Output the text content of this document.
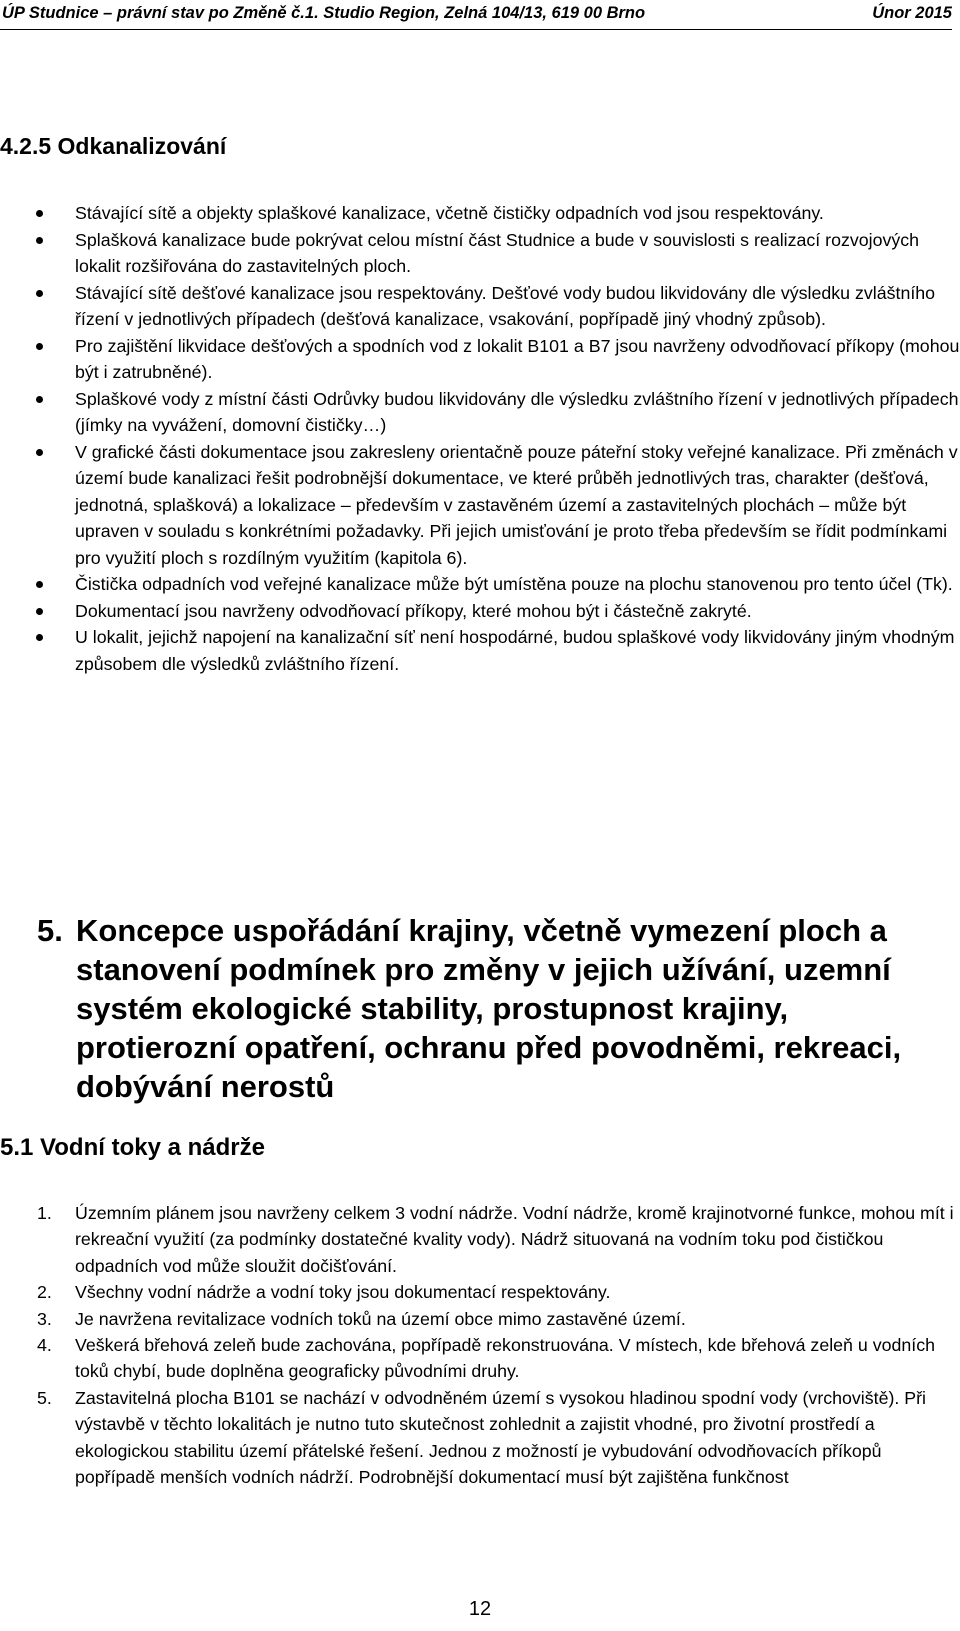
ÚP Studnice – právní stav po Změně č.1. Studio Region, Zelná 104/13, 619 00 Brno	Únor 2015
4.2.5 Odkanalizování
Stávající sítě a objekty splaškové kanalizace, včetně čističky odpadních vod jsou respektovány.
Splašková kanalizace bude pokrývat celou místní část Studnice a bude v souvislosti s realizací rozvojových lokalit rozšiřována do zastavitelných ploch.
Stávající sítě dešťové kanalizace jsou respektovány. Dešťové vody budou likvidovány dle výsledku zvláštního řízení v jednotlivých případech (dešťová kanalizace, vsakování, popřípadě jiný vhodný způsob).
Pro zajištění likvidace dešťových a spodních vod z lokalit B101 a B7 jsou navrženy odvodňovací příkopy (mohou být i zatrubněné).
Splaškové vody z místní části Odrůvky budou likvidovány dle výsledku zvláštního řízení v jednotlivých případech (jímky na vyvážení, domovní čističky…)
V grafické části dokumentace jsou zakresleny orientačně pouze páteřní stoky veřejné kanalizace. Při změnách v území bude kanalizaci řešit podrobnější dokumentace, ve které průběh jednotlivých tras, charakter (dešťová, jednotná, splašková) a lokalizace – především v zastavěném území a zastavitelných plochách – může být upraven v souladu s konkrétními požadavky. Při jejich umisťování je proto třeba především se řídit podmínkami pro využití ploch s rozdílným využitím (kapitola 6).
Čistička odpadních vod veřejné kanalizace může být umístěna pouze na plochu stanovenou pro tento účel (Tk).
Dokumentací jsou navrženy odvodňovací příkopy, které mohou být i částečně zakryté.
U lokalit, jejichž napojení na kanalizační síť není hospodárné, budou splaškové vody likvidovány jiným vhodným způsobem dle výsledků zvláštního řízení.
5. Koncepce uspořádání krajiny, včetně vymezení ploch a stanovení podmínek pro změny v jejich užívání, uzemní systém ekologické stability, prostupnost krajiny, protierozní opatření, ochranu před povodněmi, rekreaci, dobývání nerostů
5.1 Vodní toky a nádrže
1. Územním plánem jsou navrženy celkem 3 vodní nádrže. Vodní nádrže, kromě krajinotvorné funkce, mohou mít i rekreační využití (za podmínky dostatečné kvality vody). Nádrž situovaná na vodním toku pod čističkou odpadních vod může sloužit dočišťování.
2. Všechny vodní nádrže a vodní toky jsou dokumentací respektovány.
3. Je navržena revitalizace vodních toků na území obce mimo zastavěné území.
4. Veškerá břehová zeleň bude zachována, popřípadě rekonstruována. V místech, kde břehová zeleň u vodních toků chybí, bude doplněna geograficky původními druhy.
5. Zastavitelná plocha B101 se nachází v odvodněném území s vysokou hladinou spodní vody (vrchoviště). Při výstavbě v těchto lokalitách je nutno tuto skutečnost zohlednit a zajistit vhodné, pro životní prostředí a ekologickou stabilitu území přátelské řešení. Jednou z možností je vybudování odvodňovacích příkopů popřípadě menších vodních nádrží. Podrobnější dokumentací musí být zajištěna funkčnost
12
